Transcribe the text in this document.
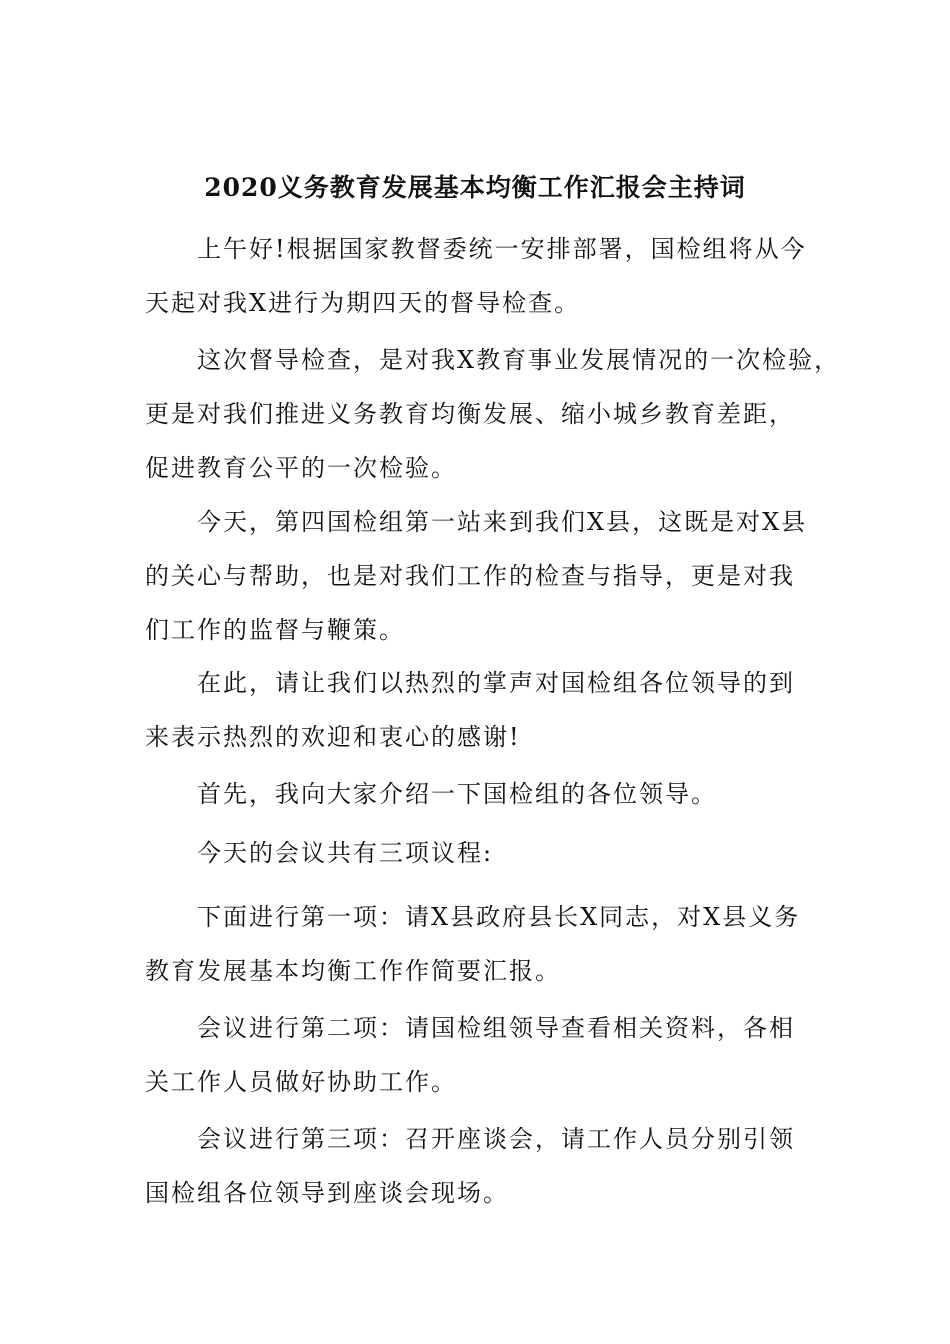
2020义务教育发展基本均衡工作汇报会主持词
上午好!根据国家教督委统一安排部署，国检组将从今
天起对我X进行为期四天的督导检查。
这次督导检查，是对我X教育事业发展情况的一次检验，
更是对我们推进义务教育均衡发展、缩小城乡教育差距，
促进教育公平的一次检验。
今天，第四国检组第一站来到我们X县，这既是对X县
的关心与帮助，也是对我们工作的检查与指导，更是对我
们工作的监督与鞭策。
在此，请让我们以热烈的掌声对国检组各位领导的到
来表示热烈的欢迎和衷心的感谢!
首先，我向大家介绍一下国检组的各位领导。
今天的会议共有三项议程:
下面进行第一项：请X县政府县长X同志，对X县义务
教育发展基本均衡工作作简要汇报。
会议进行第二项：请国检组领导查看相关资料，各相
关工作人员做好协助工作。
会议进行第三项：召开座谈会，请工作人员分别引领
国检组各位领导到座谈会现场。
